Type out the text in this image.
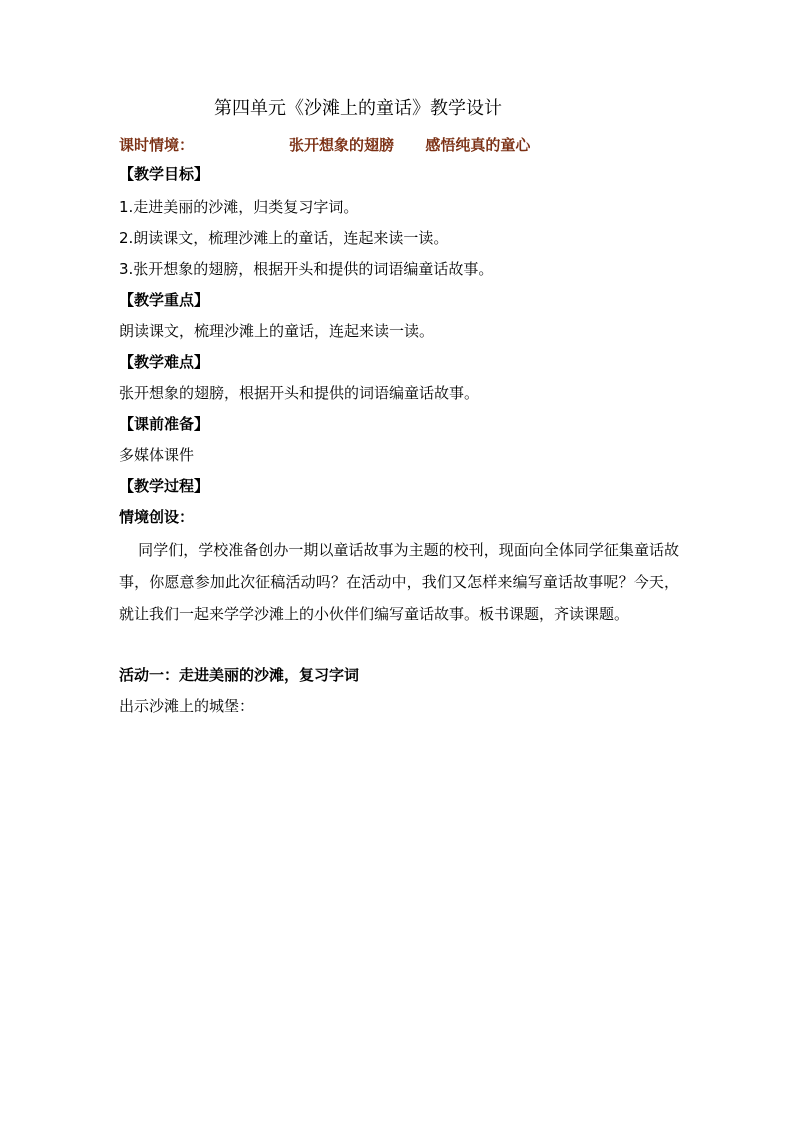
第四单元《沙滩上的童话》教学设计
课时情境：	张开想象的翅膀      感悟纯真的童心
【教学目标】
1.走进美丽的沙滩，归类复习字词。
2.朗读课文，梳理沙滩上的童话，连起来读一读。
3.张开想象的翅膀，根据开头和提供的词语编童话故事。
【教学重点】
朗读课文，梳理沙滩上的童话，连起来读一读。
【教学难点】
张开想象的翅膀，根据开头和提供的词语编童话故事。
【课前准备】
多媒体课件
【教学过程】
情境创设：
同学们，学校准备创办一期以童话故事为主题的校刊，现面向全体同学征集童话故事，你愿意参加此次征稿活动吗？在活动中，我们又怎样来编写童话故事呢？今天，就让我们一起来学学沙滩上的小伙伴们编写童话故事。板书课题，齐读课题。
活动一：走进美丽的沙滩，复习字词
出示沙滩上的城堡：
